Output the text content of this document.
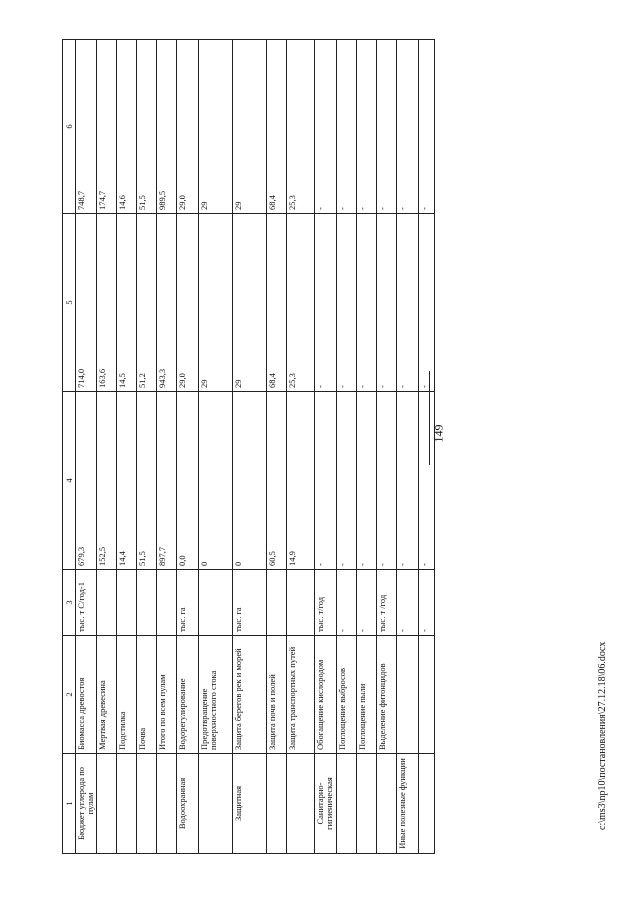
149
1	2	3	4	5	6
Бюджет углерода по пулам	Биомасса древостоя	тыс. т С/год-1	679,3	714,0	748,7
	Мертвая древесина		152,5	163,6	174,7
	Подстилка		14,4	14,5	14,6
	Почва		51,5	51,2	51,5
	Итого по всем пулам		897,7	943,3	989,5
Водоохранная	Водорегулирование	тыс. га	0,0	29,0	29,0
	Предотвращение поверхностного стока		0	29	29
Защитная	Защита берегов рек и морей	тыс. га	0	29	29
	Защита почв и полей		60,5	68,4	68,4
	Защита транспортных путей		14,9	25,3	25,3
Санитарно-гигиеническая	Обогащение кислородом	тыс. т/год	-	-	-
	Поглощение выбросов	-	-	-	-
	Поглощение пыли	-	-	-	-
	Выделение фитонцидов	тыс. т /год	-	-	-
Иные полезные функции		-	-	-	-
		-	-	-	-
c:\ms3\np10\постановления\27.12.18\06.docx
